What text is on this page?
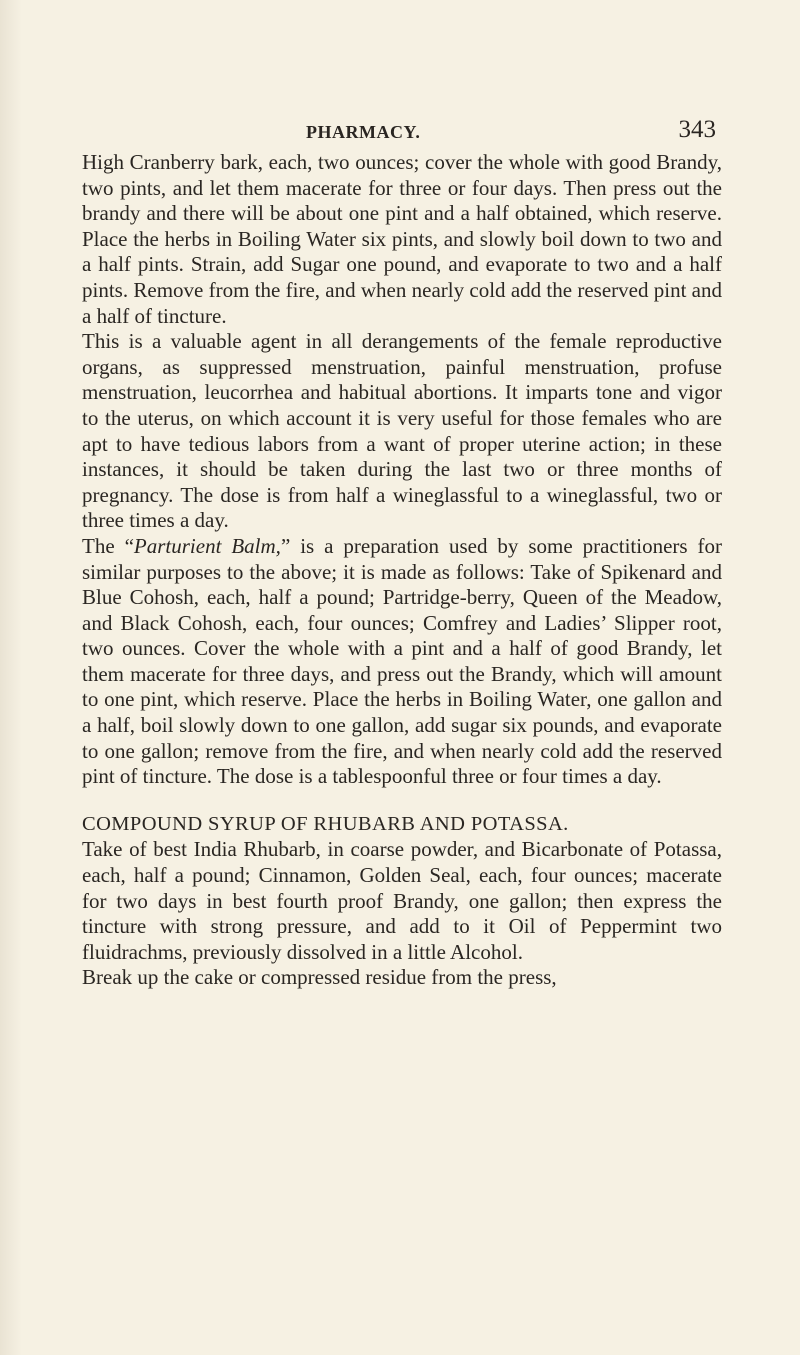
PHARMACY.	343

High Cranberry bark, each, two ounces; cover the whole with good Brandy, two pints, and let them macerate for three or four days. Then press out the brandy and there will be about one pint and a half obtained, which reserve. Place the herbs in Boiling Water six pints, and slowly boil down to two and a half pints. Strain, add Sugar one pound, and evaporate to two and a half pints. Remove from the fire, and when nearly cold add the reserved pint and a half of tincture.

This is a valuable agent in all derangements of the female reproductive organs, as suppressed menstruation, painful menstruation, profuse menstruation, leucorrhea and habitual abortions. It imparts tone and vigor to the uterus, on which account it is very useful for those females who are apt to have tedious labors from a want of proper uterine action; in these instances, it should be taken during the last two or three months of pregnancy. The dose is from half a wineglassful to a wineglassful, two or three times a day.

The “Parturient Balm,” is a preparation used by some practitioners for similar purposes to the above; it is made as follows: Take of Spikenard and Blue Cohosh, each, half a pound; Partridge-berry, Queen of the Meadow, and Black Cohosh, each, four ounces; Comfrey and Ladies’ Slipper root, two ounces. Cover the whole with a pint and a half of good Brandy, let them macerate for three days, and press out the Brandy, which will amount to one pint, which reserve. Place the herbs in Boiling Water, one gallon and a half, boil slowly down to one gallon, add sugar six pounds, and evaporate to one gallon; remove from the fire, and when nearly cold add the reserved pint of tincture. The dose is a tablespoonful three or four times a day.

COMPOUND SYRUP OF RHUBARB AND POTASSA.

Take of best India Rhubarb, in coarse powder, and Bicarbonate of Potassa, each, half a pound; Cinnamon, Golden Seal, each, four ounces; macerate for two days in best fourth proof Brandy, one gallon; then express the tincture with strong pressure, and add to it Oil of Peppermint two fluidrachms, previously dissolved in a little Alcohol.

Break up the cake or compressed residue from the press,
